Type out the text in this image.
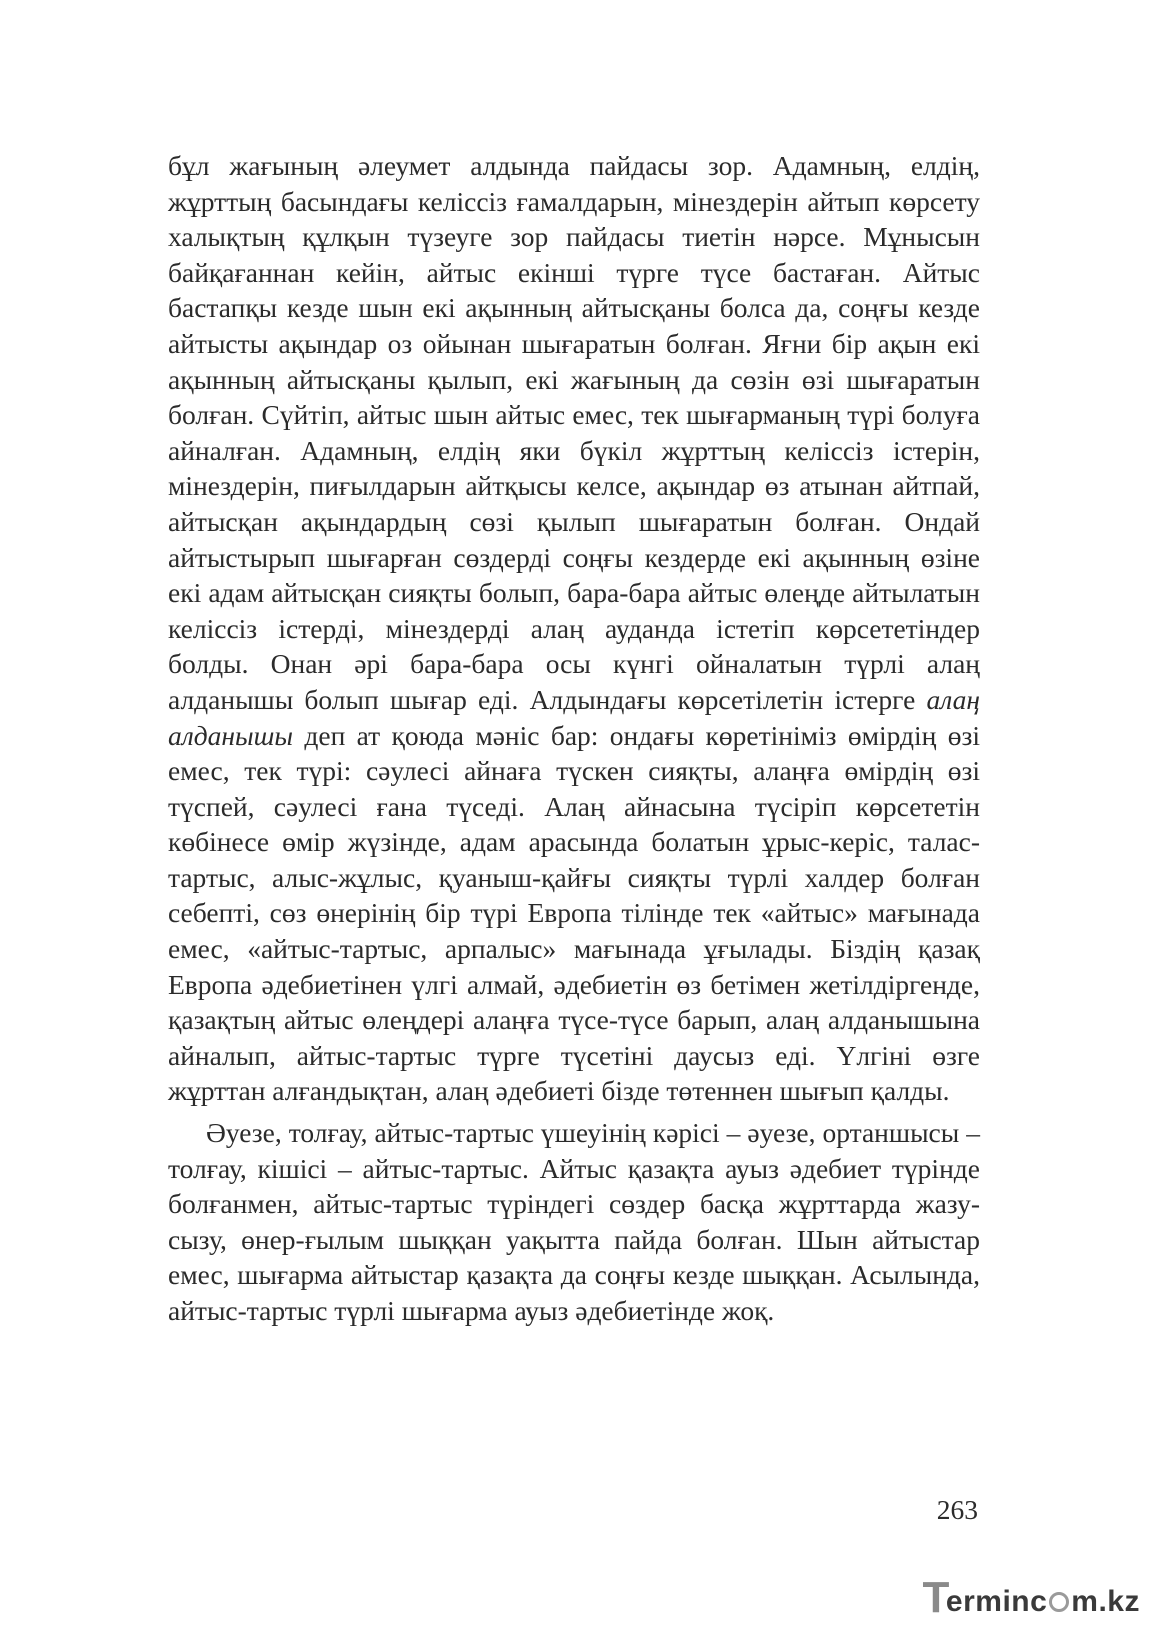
бұл жағының әлеумет алдында пайдасы зор. Адамның, елдің, жұрттың басындағы келіссіз ғамалдарын, мінездерін айтып көрсету халықтың құлқын түзеуге зор пайдасы тиетін нәрсе. Мұнысын байқағаннан кейін, айтыс екінші түрге түсе бастаған. Айтыс бастапқы кезде шын екі ақынның айтысқаны болса да, соңғы кезде айтысты ақындар оз ойынан шығаратын болған. Яғни бір ақын екі ақынның айтысқаны қылып, екі жағының да сөзін өзі шығаратын болған. Сүйтіп, айтыс шын айтыс емес, тек шығарманың түрі болуға айналған. Адамның, елдің яки бүкіл жұрттың келіссіз істерін, мінездерін, пиғылдарын айтқысы келсе, ақындар өз атынан айтпай, айтысқан ақындардың сөзі қылып шығаратын болған. Ондай айтыстырып шығарған сөздерді соңғы кездерде екі ақынның өзіне екі адам айтысқан сияқты болып, бара-бара айтыс өлеңде айтылатын келіссіз істерді, мінездерді алаң ауданда істетіп көрсететіндер болды. Онан әрі бара-бара осы күнгі ойналатын түрлі алаң алданышы болып шығар еді. Алдындағы көрсетілетін істерге алаң алданышы деп ат қоюда мәніс бар: ондағы көретініміз өмірдің өзі емес, тек түрі: сәулесі айнаға түскен сияқты, алаңға өмірдің өзі түспей, сәулесі ғана түседі. Алаң айнасына түсіріп көрсететін көбінесе өмір жүзінде, адам арасында болатын ұрыс-керіс, талас-тартыс, алыс-жұлыс, қуаныш-қайғы сияқты түрлі халдер болған себепті, сөз өнерінің бір түрі Европа тілінде тек «айтыс» мағынада емес, «айтыс-тартыс, арпалыс» мағынада ұғылады. Біздің қазақ Европа әдебиетінен үлгі алмай, әдебиетін өз бетімен жетілдіргенде, қазақтың айтыс өлеңдері алаңға түсе-түсе барып, алаң алданышына айналып, айтыс-тартыс түрге түсетіні даусыз еді. Үлгіні өзге жұрттан алғандықтан, алаң әдебиеті бізде төтеннен шығып қалды.

Әуезе, толғау, айтыс-тартыс үшеуінің кәрісі – әуезе, ортаншысы – толғау, кішісі – айтыс-тартыс. Айтыс қазақта ауыз әдебиет түрінде болғанмен, айтыс-тартыс түріндегі сөздер басқа жұрттарда жазу-сызу, өнер-ғылым шыққан уақытта пайда болған. Шын айтыстар емес, шығарма айтыстар қазақта да соңғы кезде шыққан. Асылында, айтыс-тартыс түрлі шығарма ауыз әдебиетінде жоқ.

263
T
erminc m.kz
